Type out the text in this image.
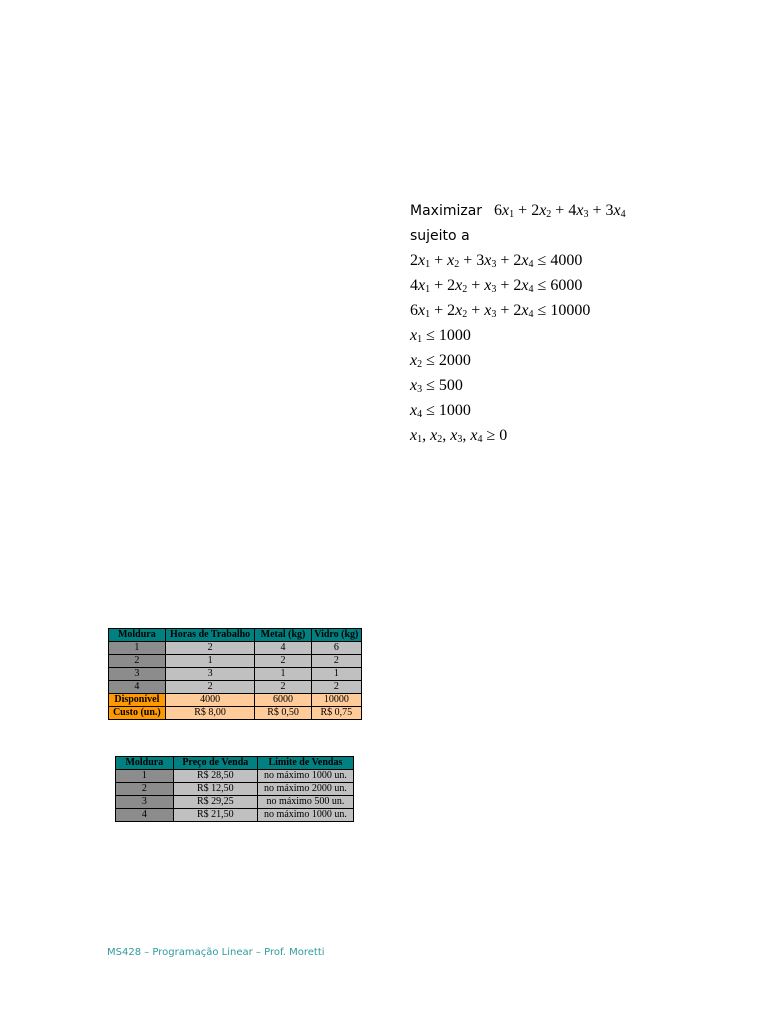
Maximizar $6x_1 + 2x_2 + 4x_3 + 3x_4$
sujeito a
$2x_1 + x_2 + 3x_3 + 2x_4 \le 4000$
$4x_1 + 2x_2 + x_3 + 2x_4 \le 6000$
$6x_1 + 2x_2 + x_3 + 2x_4 \le 10000$
$x_1 \le 1000$
$x_2 \le 2000$
$x_3 \le 500$
$x_4 \le 1000$
$x_1$, $x_2$, $x_3$, $x_4 \ge 0$
Moldura	Horas de Trabalho	Metal (kg)	Vidro (kg)
1	2	4	6
2	1	2	2
3	3	1	1
4	2	2	2
Disponível	4000	6000	10000
Custo (un.)	R$ 8,00	R$ 0,50	R$ 0,75
Moldura	Preço de Venda	Limite de Vendas
1	R$ 28,50	no máximo 1000 un.
2	R$ 12,50	no máximo 2000 un.
3	R$ 29,25	no máximo 500 un.
4	R$ 21,50	no máximo 1000 un.
MS428 – Programação Linear – Prof. Moretti
